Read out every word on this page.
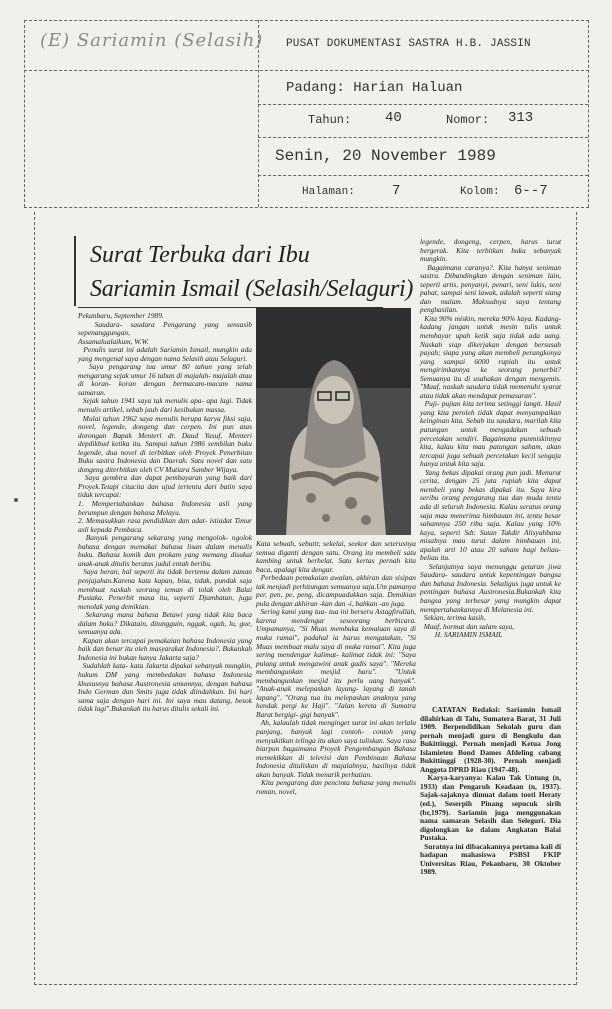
(E) Sariamin (Selasih) PUSAT DOKUMENTASI SASTRA H.B. JASSIN
Padang: Harian Haluan
Tahun: 40	Nomor: 313
Senin, 20 November 1989
Halaman:	7	Kolom: 6--7
Surat Terbuka dari Ibu
Sariamin Ismail (Selasih/Selaguri)
Pekanbaru, September 1989.
Saudara- saudara Pengarang yang sensasib sepenanggungan,
Assamalualaikum, W.W.
Penulis surat ini adalah Sariamin Ismail, mungkin ada yang mengenal saya dengan nama Selasih atau Selaguri.
Saya pengarang tua umur 80 tahun yang telah mengarang sejak umur 16 tahun di majalah- majalah atau di koran- koran dengan bermacam-macam nama samaran.
Sejak tahun 1941 saya tak menulis apa- apa lagi. Tidak menulis artikel, sebab jauh dari kesibukan massa.
Mulai tahun 1962 saya menulis berupa karya fiksi saja, novel, legende, dongeng dan cerpen. Ini pun atas dorongan Bapak Menteri dr. Daud Yusuf, Menteri depdikbud ketika itu. Sampai tahun 1986 sembilan buku legende, dua novel di terbitkan oleh Proyek Penerbitan Buku sastra Indonesia dan Daerah. Satu novel dan satu dongeng diterbitkan oleh CV Mutiara Sumber Wijaya.
Saya gembira dan dapat pembayaran yang baik dari Proyek.Tetapi citacita dan ujud tertentu dari batin saya tidak tercapai:
1. Mempertahankan bahasa Indonesia asli yang berumpun dengan bahasa Melayu.
2. Memasukkan rasa pendidikan dan adat- istiadat Timur asli kepada Pembaca.
Banyak pengarang sekarang yang mengolok- ngolok bahasa dengan memakai bahasa lisan dalam menulis buku. Bahasa komik dan prokam yang memang disukai anak-anak ditulis beratus judul entah beribu.
Saya heran, hal seperti itu tidak bertemu dalam zaman penjajahan.Karena kata kapan, bisa, tidak, pundak saja membuat naskah seorang teman di tolak oleh Balai Pustaka. Penerbit masa itu, seperti Djambatan, juga menolak yang demikian.
Sekarang mana bahasa Betawi yang tidak kita baca dalam buku? Dikatain, ditungguin, nggak, ogah, lu, gue, semuanya ada.
Kapan akan tercapai pemakaian bahasa Indonesia yang baik dan benar itu oleh masyarakat Indonesia?. Bukankah Indonesia ini bukan hanya Jakarta saja?
Sudahlah kata- kata Jakarta dipakai sebanyak mungkin, hukum DM yang membedakan bahasa Indonesia khususnya bahasa Austronesia umumnya, dengan bahasa Indo German dan Smits juga tidak diindahkan. Ini hari sama saja dengan hari ini. Ini saya mau datang, besok tidak lagi".Bukankah itu harus ditulis sekali ini.
Kata sebuah, sebutir, sekelai, seekor dan seterusnya semua diganti dengan satu. Orang itu membeli satu kambing untuk berhelat. Satu kertas pernah kita baca, apalagi kita dengar.
Perbedaan pemakaian awalan, akhiran dan sisipan tak menjadi perhitungan semuanya saja.Um pamanya per, pen, pe, peng, dicampuadukkan saja. Demikian pula dengan akhiran -kan dan -i, bahkan -an juga.
Sering kami yang tua- tua ini berseru Astagfirullah, karena mendengar seseorang berbicara. Umpamanya, "Si Muas membuka kemaluan saya di muka ramai", padahal ia harus mengatakan, "Si Muas membuat malu saya di muka ramai". Kita juga sering mendengar kalimat- kalimat tidak ini: "Saya pulang untuk mengawini anak gadis saya". "Mereka membangunkan mesjid baru". "Untuk membangunkan mesjid itu perlu uang banyak". "Anak-anak melepaskan layang- layang di tanah lapang". "Orang tua itu melepaskan anaknya yang hendak pergi ke Haji". "Jalan kereta di Sumatra Barat bergigi- gigi banyak".
Ah, kalaulah tidak menginget surat ini akan terlalu panjang, banyak lagi contoh- contoh yang menyakitkan telinga itu akan saya tuliskan. Saya rasa biarpun bagaimana Proyek Pengembangan Bahasa memekikkan di televisi dan Pembinaan Bahasa Indonesia dituliskan di majalahnya, hasilnya tidak akan banyak. Tidak menarik perhatian.
Kita pengarang dan pencinta bahasa yang menulis roman, novel,
legende, dongeng, cerpen, harus turut bergerak. Kita terbitkan buku sebanyak mungkin.
Bagaimana caranya?. Kita hanya seniman sastra. Dibandingkan dengan seniman lain, seperti artis, penyanyi, penari, seni lukis, seni pahat, sampai seni lawak, adalah seperti siang dan malam. Maksudnya saya tentang penghasilan.
Kita 90% miskin, mereka 90% kaya. Kadang- kadang jangan untuk mesin tulis untuk membayar upah ketik saja tidak ada uang. Naskah siap dikerjakan dengan bersusah payah; siapa yang akan membeli perangkonya yang sampai 6000 rupiah itu untuk mengirimkannya ke seorang penerbit? Semuanya itu di usahakan dengan mengemis. "Maaf, naskah saudara tidak memenuhi syarat atau tidak akan mendapat pemasaran".
Puji- pujian kita terima setinggi langit. Hasil yang kita peroleh tidak dapat menyampaikan keinginan kita. Sebab itu saudara, marilah kita patungan untuk mengadakan sebuah percetakan sendiri. Bagaimana punmiskinnya kita, kalau kita mau patungan saham, akan tercapai juga sebuah percetakan kecil sengaja hanya untuk kita saja.
Yang bekas dipakai orang pun jadi. Menurut cerita, dengan 25 juta rupiah kita dapat membeli yang bekas dipakai itu. Saya kira seribu orang pengarang tua dan muda tentu ada di seluruh Indonesia. Kalau seratus orang saja mau menerima himbauan ini, tentu besar sahamnya 250 ribu saja. Kalau yang 10% kaya, seperti Sdr. Sutan Takdir Alisyahbana misalnya mau turut dalam himbauan ini, apalah arti 10 atau 20 saham bagi beliau- beliau itu.
Selanjutnya saya menunggu getaran jiwa Saudara- saudara untuk kepentingan bangsa dan bahasa Indonesia. Sekaligus juga untuk ke pentingan bahasa Austronesia.Bukankah kita bangsa yang terbesar yang mungkin dapat mempertahankannya di Melanesia ini.
Sekian, terima kasih,
Maaf, hormat dan salam saya,
H. SARIAMIN ISMAIL
CATATAN Redaksi: Sariamin Ismail dilahirkan di Talu, Sumatera Barat, 31 Juli 1909. Berpendidikan Sekolah guru dan pernah menjadi guru di Bengkulu dan Bukittinggi. Pernah menjadi Ketua Jong Islamieten Bond Dames Afdeling cabang Bukittinggi (1928-30). Pernah menjadi Anggota DPRD Riau (1947-48).
Karya-karyanya: Kalau Tak Untung (n, 1933) dan Pengaruh Keadaan (n, 1937). Sajak-sajaknya dimuat dalam tooti Heraty (ed.), Seserpih Pinang sepucuk sirih (br,1979). Sariamin juga menggunakan nama samaran Selasih dan Seleguri. Dia digolongkan ke dalam Angkatan Balai Pustaka.
Suratnya ini dibacakannya pertama kali di hadapan mahasiswa PSBSI FKIP Universitas Riau, Pekanbaru, 30 Oktober 1989.
